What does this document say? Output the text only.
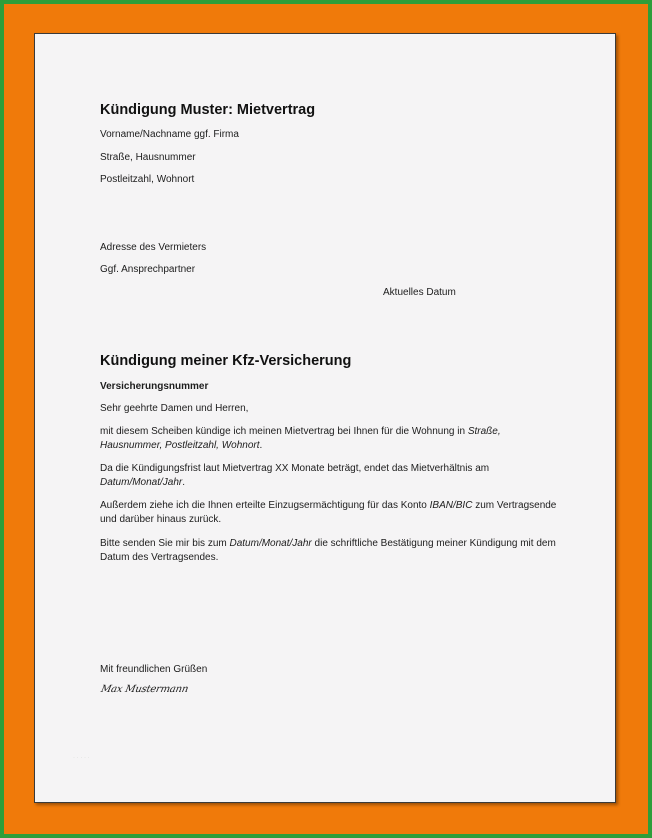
Kündigung Muster: Mietvertrag
Vorname/Nachname ggf. Firma
Straße, Hausnummer
Postleitzahl, Wohnort
Adresse des Vermieters
Ggf. Ansprechpartner
Aktuelles Datum
Kündigung meiner Kfz-Versicherung
Versicherungsnummer
Sehr geehrte Damen und Herren,
mit diesem Scheiben kündige ich meinen Mietvertrag bei Ihnen für die Wohnung in Straße, Hausnummer, Postleitzahl, Wohnort.
Da die Kündigungsfrist laut Mietvertrag XX Monate beträgt, endet das Mietverhältnis am Datum/Monat/Jahr.
Außerdem ziehe ich die Ihnen erteilte Einzugsermächtigung für das Konto IBAN/BIC zum Vertragsende und darüber hinaus zurück.
Bitte senden Sie mir bis zum Datum/Monat/Jahr die schriftliche Bestätigung meiner Kündigung mit dem Datum des Vertragsendes.
Mit freundlichen Grüßen
Max Mustermann
· · · · ·
